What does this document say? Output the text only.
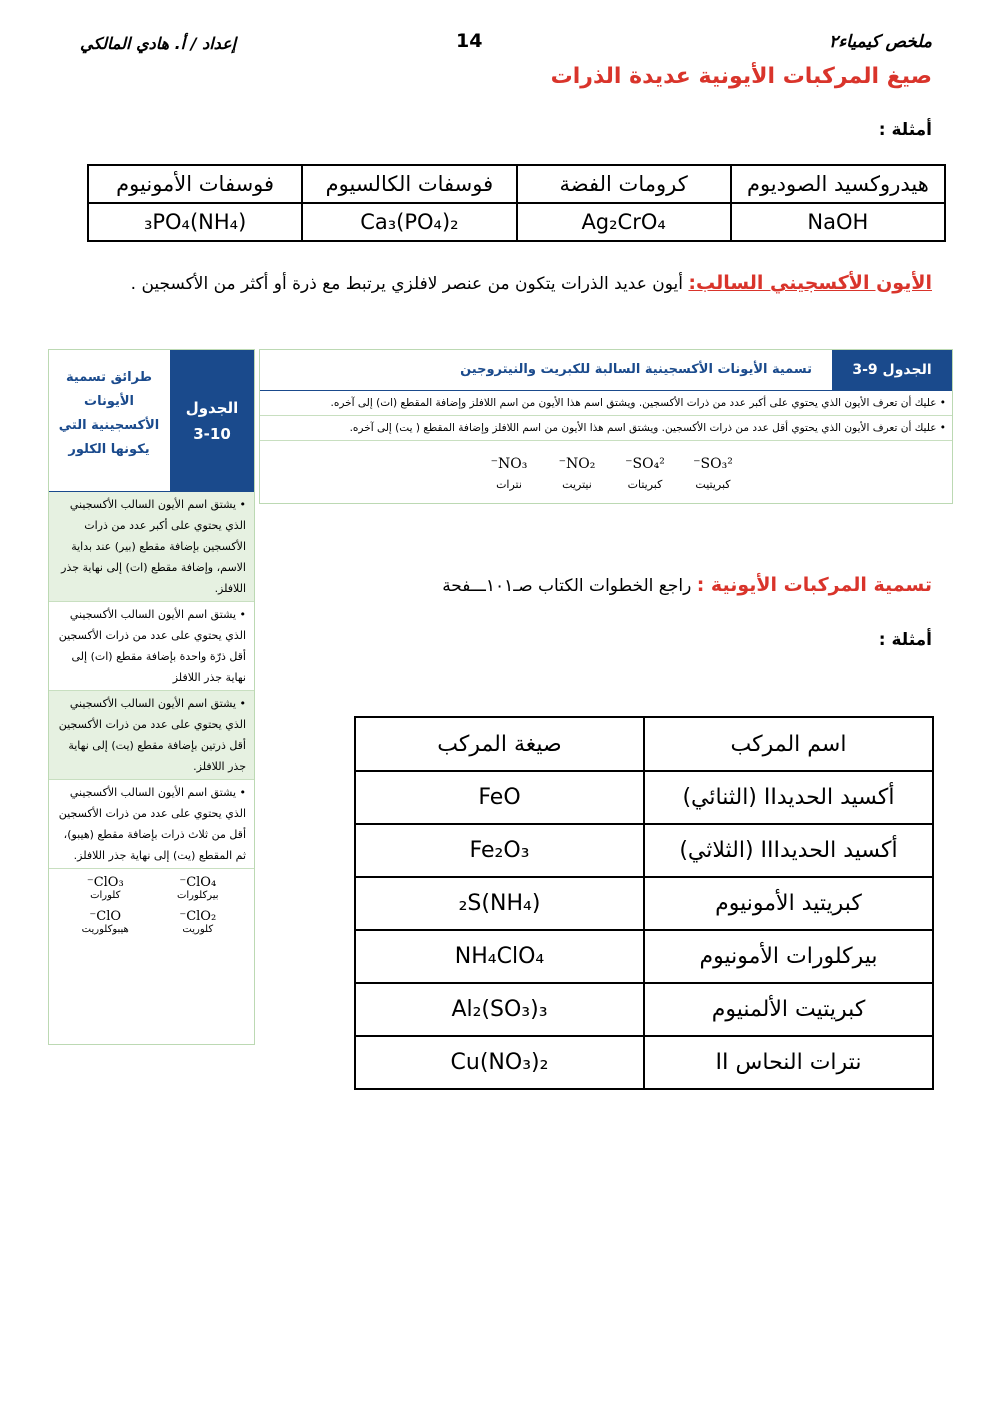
ملخص كيمياء٢
14
إعداد / أ. هادي المالكي
صيغ المركبات الأيونية عديدة الذرات
أمثلة :
هيدروكسيد الصوديوم	كرومات الفضة	فوسفات الكالسيوم	فوسفات الأمونيوم
NaOH	Ag₂CrO₄	Ca₃(PO₄)₂	(NH₄)₃PO₄
الأيون الأكسجيني السالب: أيون عديد الذرات يتكون من عنصر لافلزي يرتبط مع ذرة أو أكثر من الأكسجين .
الجدول 9-3
تسمية الأيونات الأكسجينية السالبة للكبريت والنيتروجين
• عليك أن تعرف الأيون الذي يحتوي على أكبر عدد من ذرات الأكسجين. ويشتق اسم هذا الأيون من اسم اللافلز وإضافة المقطع (ات) إلى آخره.
• عليك أن تعرف الأيون الذي يحتوي أقل عدد من ذرات الأكسجين. ويشتق اسم هذا الأيون من اسم اللافلز وإضافة المقطع ( يت) إلى آخره.
SO₃²⁻
كبريتيت
SO₄²⁻
كبريتات
NO₂⁻
نيتريت
NO₃⁻
نترات
الجدول
3-10
طرائق تسمية الأيونات الأكسجينية التي يكونها الكلور
• يشتق اسم الأيون السالب الأكسجيني الذي يحتوي على أكبر عدد من ذرات الأكسجين بإضافة مقطع (بير) عند بداية الاسم، وإضافة مقطع (ات) إلى نهاية جذر اللافلز.
• يشتق اسم الأيون السالب الأكسجيني الذي يحتوي على عدد من ذرات الأكسجين أقل ذرّة واحدة بإضافة مقطع (ات) إلى نهاية جذر اللافلز
• يشتق اسم الأيون السالب الأكسجيني الذي يحتوي على عدد من ذرات الأكسجين أقل ذرتين بإضافة مقطع (يت) إلى نهاية جذر اللافلز.
• يشتق اسم الأيون السالب الأكسجيني الذي يحتوي على عدد من ذرات الأكسجين أقل من ثلاث ذرات بإضافة مقطع (هيبو)، ثم المقطع (يت) إلى نهاية جذر اللافلز.
ClO₄⁻
بيركلورات
ClO₃⁻
كلورات
ClO₂⁻
كلوريت
ClO⁻
هيبوكلوريت
تسمية المركبات الأيونية : راجع الخطوات الكتاب صـ١٠١ـــفحة
أمثلة :
اسم المركب	صيغة المركب
أكسيد الحديدII (الثنائي)	FeO
أكسيد الحديدIII (الثلاثي)	Fe₂O₃
كبريتيد الأمونيوم	(NH₄)₂S
بيركلورات الأمونيوم	NH₄ClO₄
كبريتيت الألمنيوم	Al₂(SO₃)₃
نترات النحاس II	Cu(NO₃)₂
